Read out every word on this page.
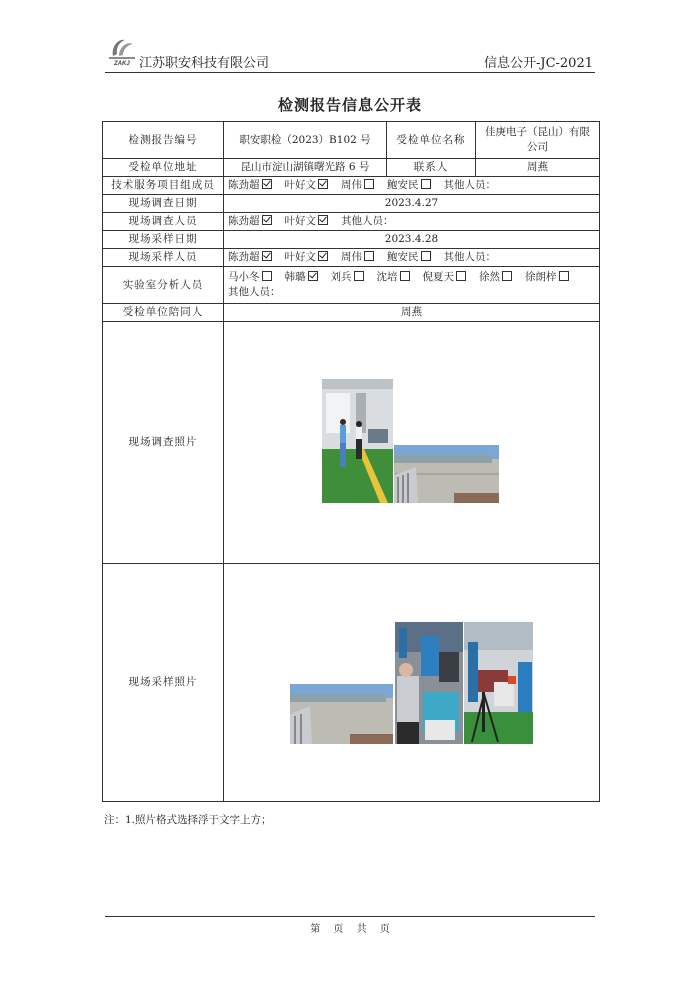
ZAKJ 江苏职安科技有限公司	信息公开-JC-2021
检测报告信息公开表
检测报告编号	职安职检（2023）B102 号	受检单位名称	佳庚电子（昆山）有限公司
受检单位地址	昆山市淀山湖镇曙光路 6 号	联系人	周燕
技术服务项目组成员	陈劲超 叶好文 周伟 鲍安民 其他人员：		
现场调查日期	2023.4.27		
现场调查人员	陈劲超 叶好文 其他人员：		
现场采样日期	2023.4.28		
现场采样人员	陈劲超 叶好文 周伟 鲍安民 其他人员：		
实验室分析人员	马小冬 韩璐 刘兵 沈培 倪夏天 徐然 徐朗梓
其他人员：		
受检单位陪同人	周燕		
现场调查照片	

现场采样照片	
注：1.照片格式选择浮于文字上方；
第 页 共 页
